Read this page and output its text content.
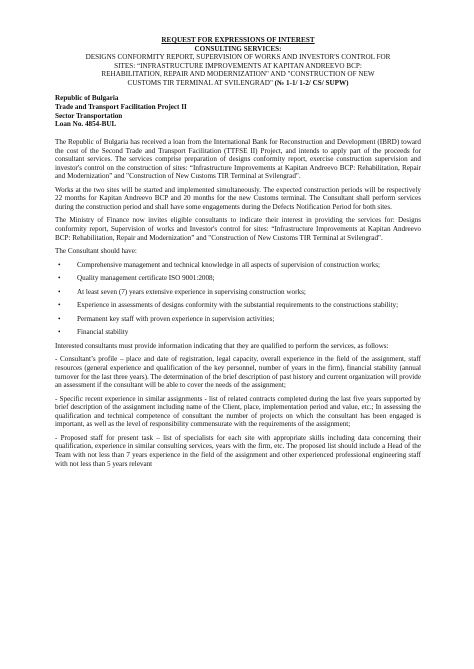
REQUEST FOR EXPRESSIONS OF INTEREST
CONSULTING SERVICES:
DESIGNS CONFORMITY REPORT, SUPERVISION OF WORKS AND INVESTOR'S CONTROL FOR
SITES: “INFRASTRUCTURE IMPROVEMENTS AT KAPITAN ANDREEVO BCP:
REHABILITATION, REPAIR AND MODERNIZATION" AND "CONSTRUCTION OF NEW
CUSTOMS TIR TERMINAL AT SVILENGRAD" (№ 1-1/ 1-2/ CS/ SUPW)
Republic of Bulgaria
Trade and Transport Facilitation Project II
Sector Transportation
Loan No. 4854-BUL

The Republic of Bulgaria has received a loan from the International Bank for Reconstruction and Development (IBRD) toward the cost of the Second Trade and Transport Facilitation (TTFSE II) Project, and intends to apply part of the proceeds for consultant services. The services comprise preparation of designs conformity report, exercise construction supervision and investor's control on the construction of sites: “Infrastructure Improvements at Kapitan Andreevo BCP: Rehabilitation, Repair and Modernization” and "Construction of New Customs TIR Terminal at Svilengrad".

Works at the two sites will be started and implemented simultaneously. The expected construction periods will be respectively 22 months for Kapitan Andreevo BCP and 20 months for the new Customs terminal. The Consultant shall perform services during the construction period and shall have some engagements during the Defects Notification Period for both sites.

The Ministry of Finance now invites eligible consultants to indicate their interest in providing the services for: Designs conformity report, Supervision of works and Investor's control for sites: “Infrastructure Improvements at Kapitan Andreevo BCP: Rehabilitation, Repair and Modernization” and "Construction of New Customs TIR Terminal at Svilengrad".

The Consultant should have:

• Comprehensive management and technical knowledge in all aspects of supervision of construction works;
• Quality management certificate ISO 9001:2008;
• At least seven (7) years extensive experience in supervising construction works;
• Experience in assessments of designs conformity with the substantial requirements to the constructions stability;
• Permanent key staff with proven experience in supervision activities;
• Financial stability

Interested consultants must provide information indicating that they are qualified to perform the services, as follows:

- Consultant’s profile – place and date of registration, legal capacity, overall experience in the field of the assignment, staff resources (general experience and qualification of the key personnel, number of years in the firm), financial stability (annual turnover for the last three years). The determination of the brief description of past history and current organization will provide an assessment if the consultant will be able to cover the needs of the assignment;

- Specific recent experience in similar assignments - list of related contracts completed during the last five years supported by brief description of the assignment including name of the Client, place, implementation period and value, etc.; In assessing the qualification and technical competence of consultant the number of projects on which the consultant has been engaged is important, as well as the level of responsibility commensurate with the requirements of the assignment;

- Proposed staff for present task – list of specialists for each site with appropriate skills including data concerning their qualification, experience in similar consulting services, years with the firm, etc. The proposed list should include a Head of the Team with not less than 7 years experience in the field of the assignment and other experienced professional engineering staff with not less than 5 years relevant
